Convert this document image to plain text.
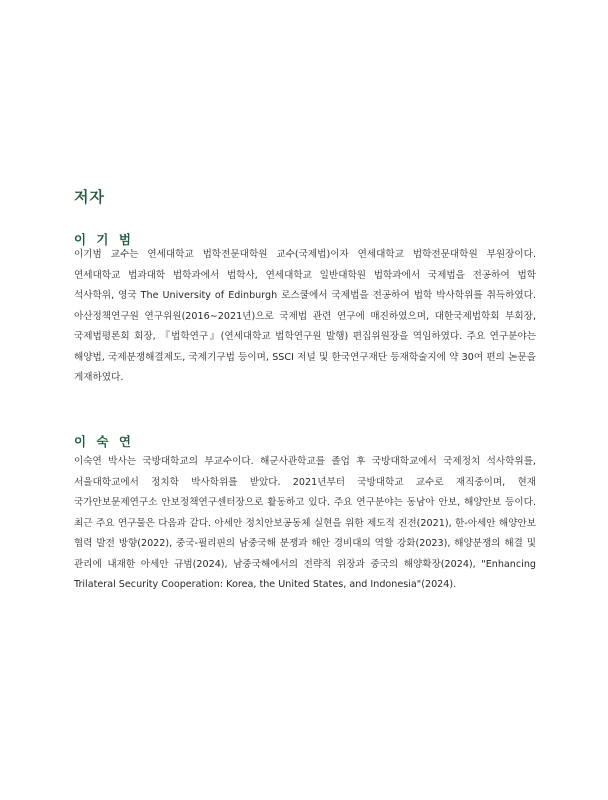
저자
이 기 범

이기범 교수는 연세대학교 법학전문대학원 교수(국제법)이자 연세대학교 법학전문대학원 부원장이다. 연세대학교 법과대학 법학과에서 법학사, 연세대학교 일반대학원 법학과에서 국제법을 전공하여 법학 석사학위, 영국 The University of Edinburgh 로스쿨에서 국제법을 전공하여 법학 박사학위를 취득하였다. 아산정책연구원 연구위원(2016∼2021년)으로 국제법 관련 연구에 매진하였으며, 대한국제법학회 부회장, 국제법평론회 회장, 『법학연구』(연세대학교 법학연구원 발행) 편집위원장을 역임하였다. 주요 연구분야는 해양법, 국제분쟁해결제도, 국제기구법 등이며, SSCI 저널 및 한국연구재단 등재학술지에 약 30여 편의 논문을 게재하였다.

이 숙 연

이숙연 박사는 국방대학교의 부교수이다. 해군사관학교를 졸업 후 국방대학교에서 국제정치 석사학위를, 서울대학교에서 정치학 박사학위를 받았다. 2021년부터 국방대학교 교수로 재직중이며, 현재 국가안보문제연구소 안보정책연구센터장으로 활동하고 있다. 주요 연구분야는 동남아 안보, 해양안보 등이다. 최근 주요 연구물은 다음과 같다. 아세안 정치안보공동체 실현을 위한 제도적 진전(2021), 한-아세안 해양안보 협력 발전 방향(2022), 중국-필리핀의 남중국해 분쟁과 해안 경비대의 역할 강화(2023), 해양분쟁의 해결 및 관리에 내재한 아세안 규범(2024), 남중국해에서의 전략적 위장과 중국의 해양확장(2024), "Enhancing Trilateral Security Cooperation: Korea, the United States, and Indonesia"(2024).
